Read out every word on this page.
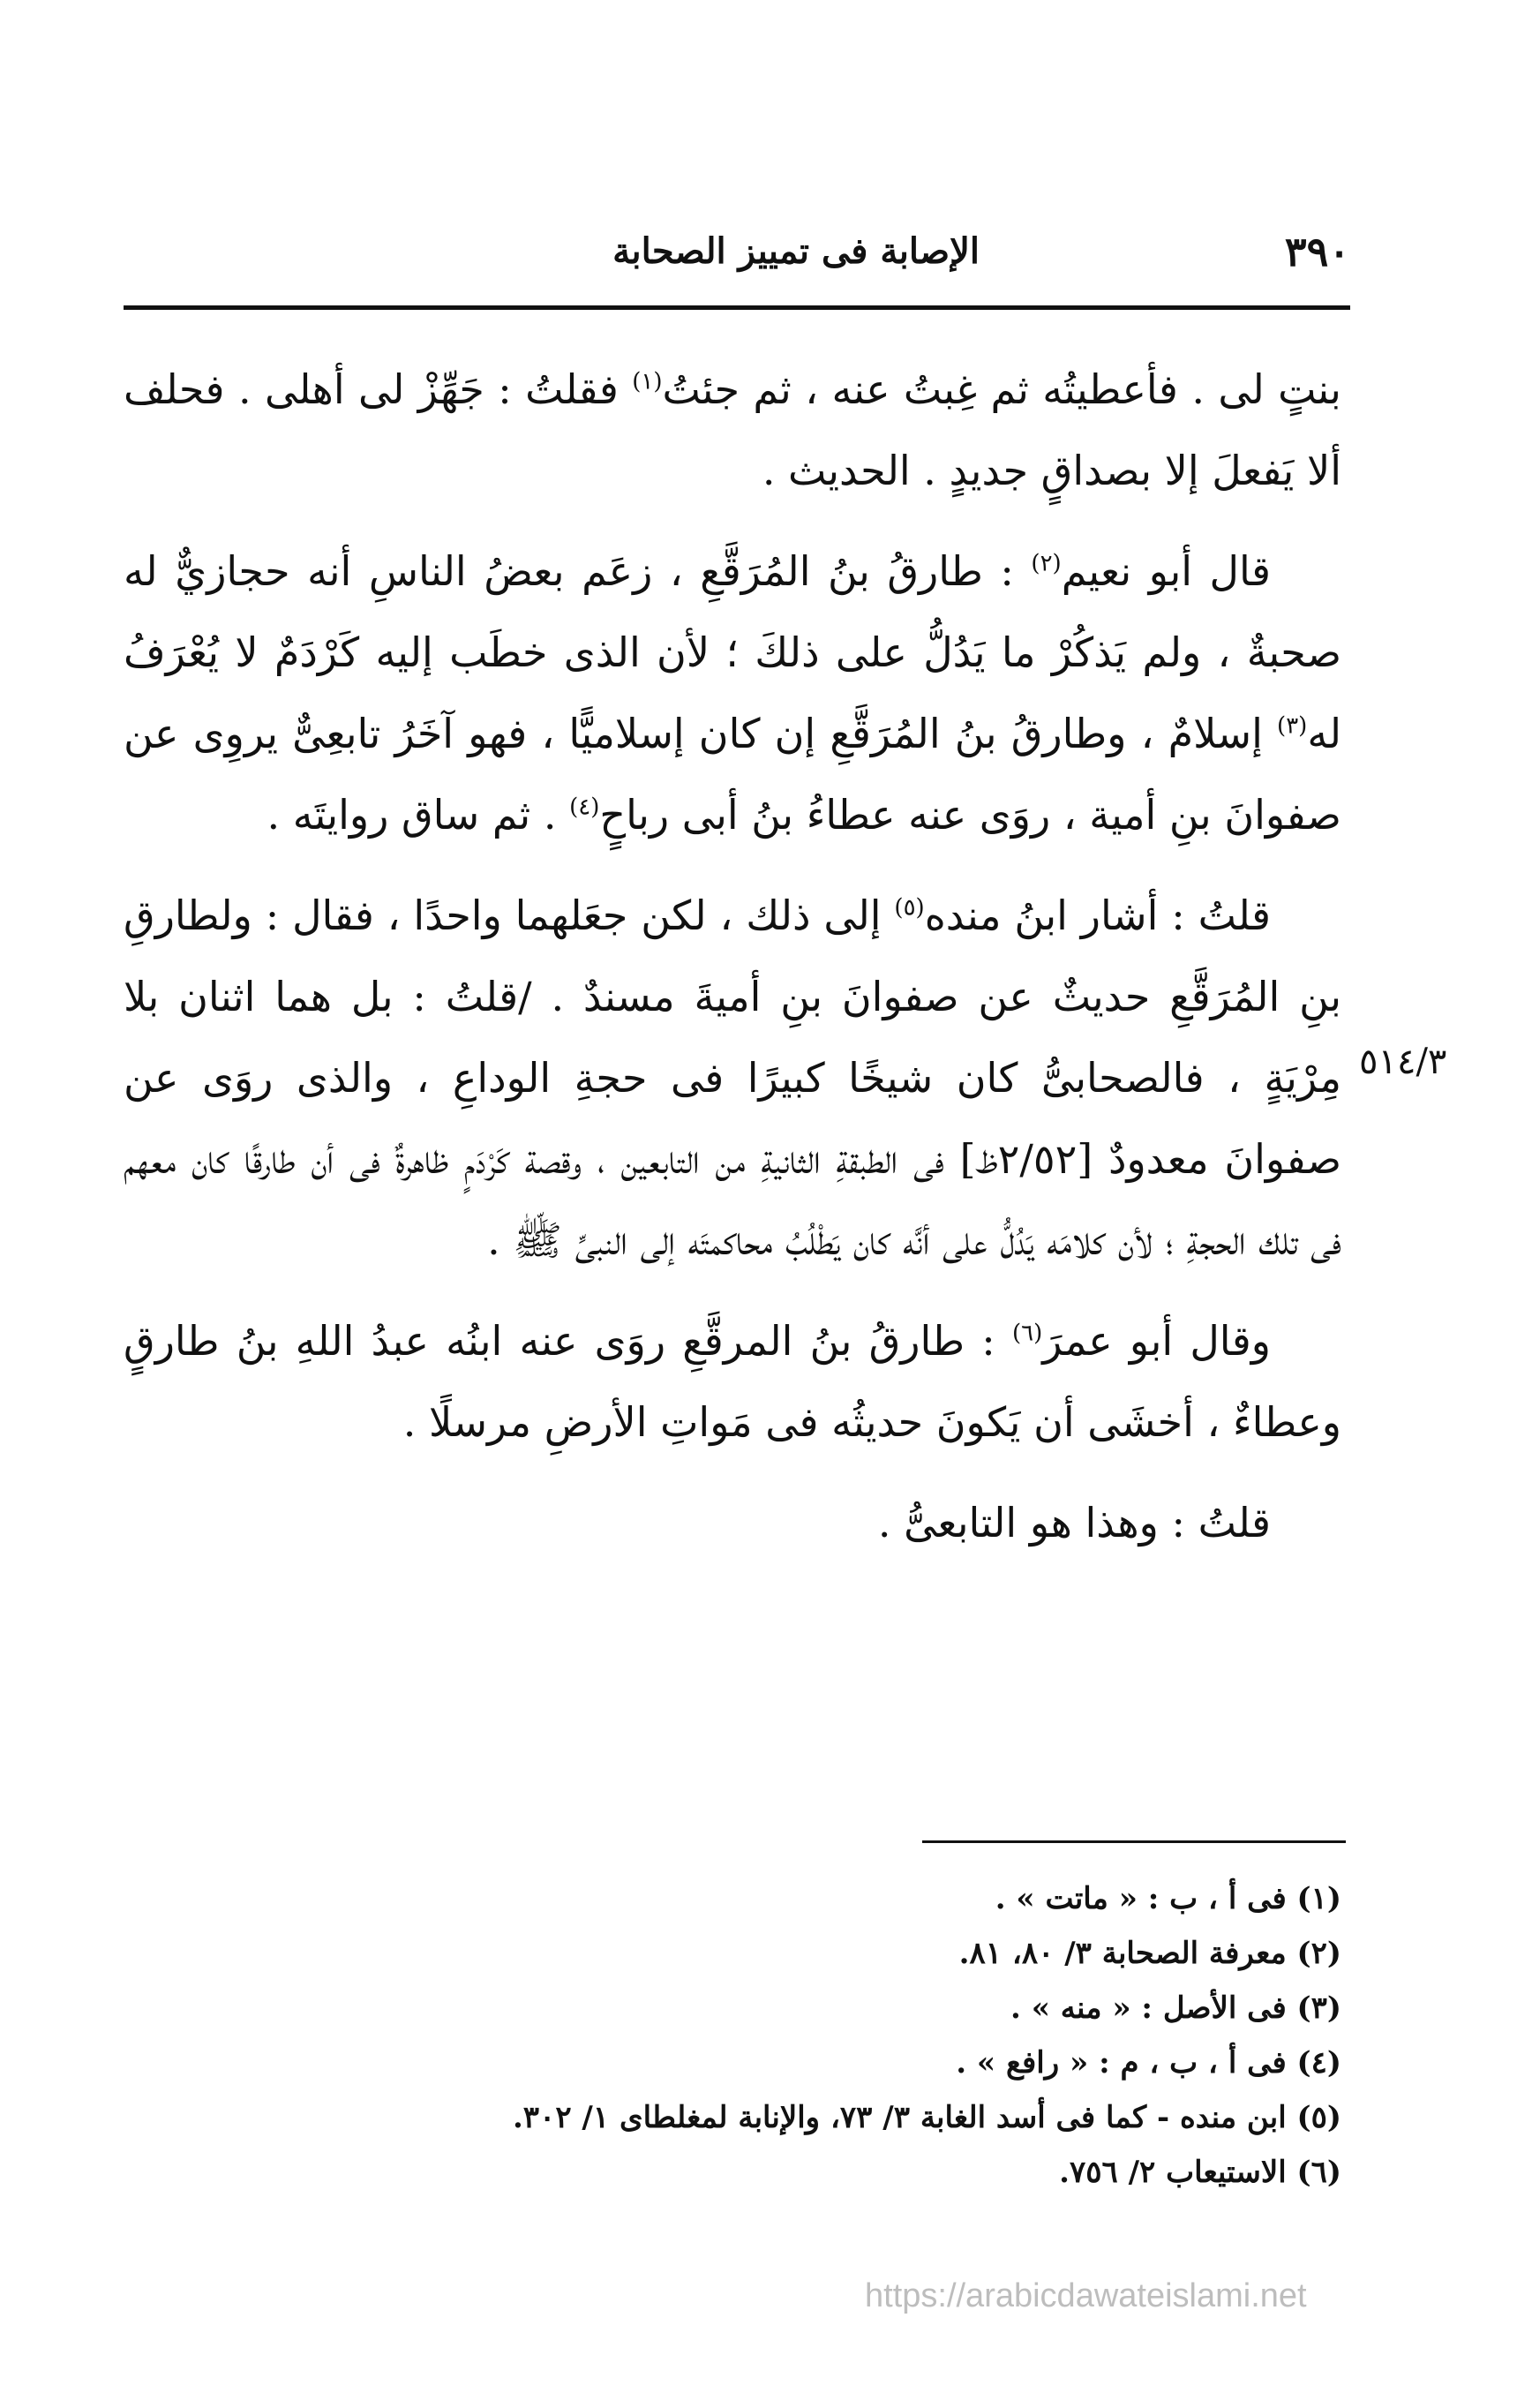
٣٩٠
الإصابة فى تمييز الصحابة
٥١٤/٣

بنتٍ لى . فأعطيتُه ثم غِبتُ عنه ، ثم جئتُ$^{(١)}$ فقلتُ : جَهِّزْ لى أهلى . فحلف ألا يَفعلَ إلا بصداقٍ جديدٍ . الحديث .

قال أبو نعيم$^{(٢)}$ : طارقُ بنُ المُرَقَّعِ ، زعَم بعضُ الناسِ أنه حجازيٌّ له صحبةٌ ، ولم يَذكُرْ ما يَدُلُّ على ذلكَ ؛ لأن الذى خطَب إليه كَرْدَمٌ لا يُعْرَفُ له$^{(٣)}$ إسلامٌ ، وطارقُ بنُ المُرَقَّعِ إن كان إسلاميًّا ، فهو آخَرُ تابعِىٌّ يروِى عن صفوانَ بنِ أمية ، روَى عنه عطاءُ بنُ أبى رباحٍ$^{(٤)}$ . ثم ساق روايتَه .

قلتُ : أشار ابنُ منده$^{(٥)}$ إلى ذلك ، لكن جعَلهما واحدًا ، فقال : ولطارقِ بنِ المُرَقَّعِ حديثٌ عن صفوانَ بنِ أميةَ مسندٌ . /قلتُ : بل هما اثنان بلا مِرْيَةٍ ، فالصحابىُّ كان شيخًا كبيرًا فى حجةِ الوداعِ ، والذى روَى عن صفوانَ معدودٌ [٢/٥٢ظ] فى الطبقةِ الثانيةِ من التابعين ، وقصة كَرْدَمٍ ظاهرةٌ فى أن طارقًا كان معهم فى تلك الحجةِ ؛ لأن كلامَه يَدُلُّ على أنَّه كان يَطْلُبُ محاكمتَه إلى النبىِّ ﷺ .

وقال أبو عمرَ$^{(٦)}$ : طارقُ بنُ المرقَّعِ روَى عنه ابنُه عبدُ اللهِ بنُ طارقٍ وعطاءٌ ، أخشَى أن يَكونَ حديثُه فى مَواتِ الأرضِ مرسلًا .

قلتُ : وهذا هو التابعىُّ .

(١) فى أ ، ب : « ماتت » .
(٢) معرفة الصحابة ٣/ ٨٠، ٨١.
(٣) فى الأصل : « منه » .
(٤) فى أ ، ب ، م : « رافع » .
(٥) ابن منده - كما فى أسد الغابة ٣/ ٧٣، والإنابة لمغلطاى ١/ ٣٠٢.
(٦) الاستيعاب ٢/ ٧٥٦.
https://arabicdawateislami.net
